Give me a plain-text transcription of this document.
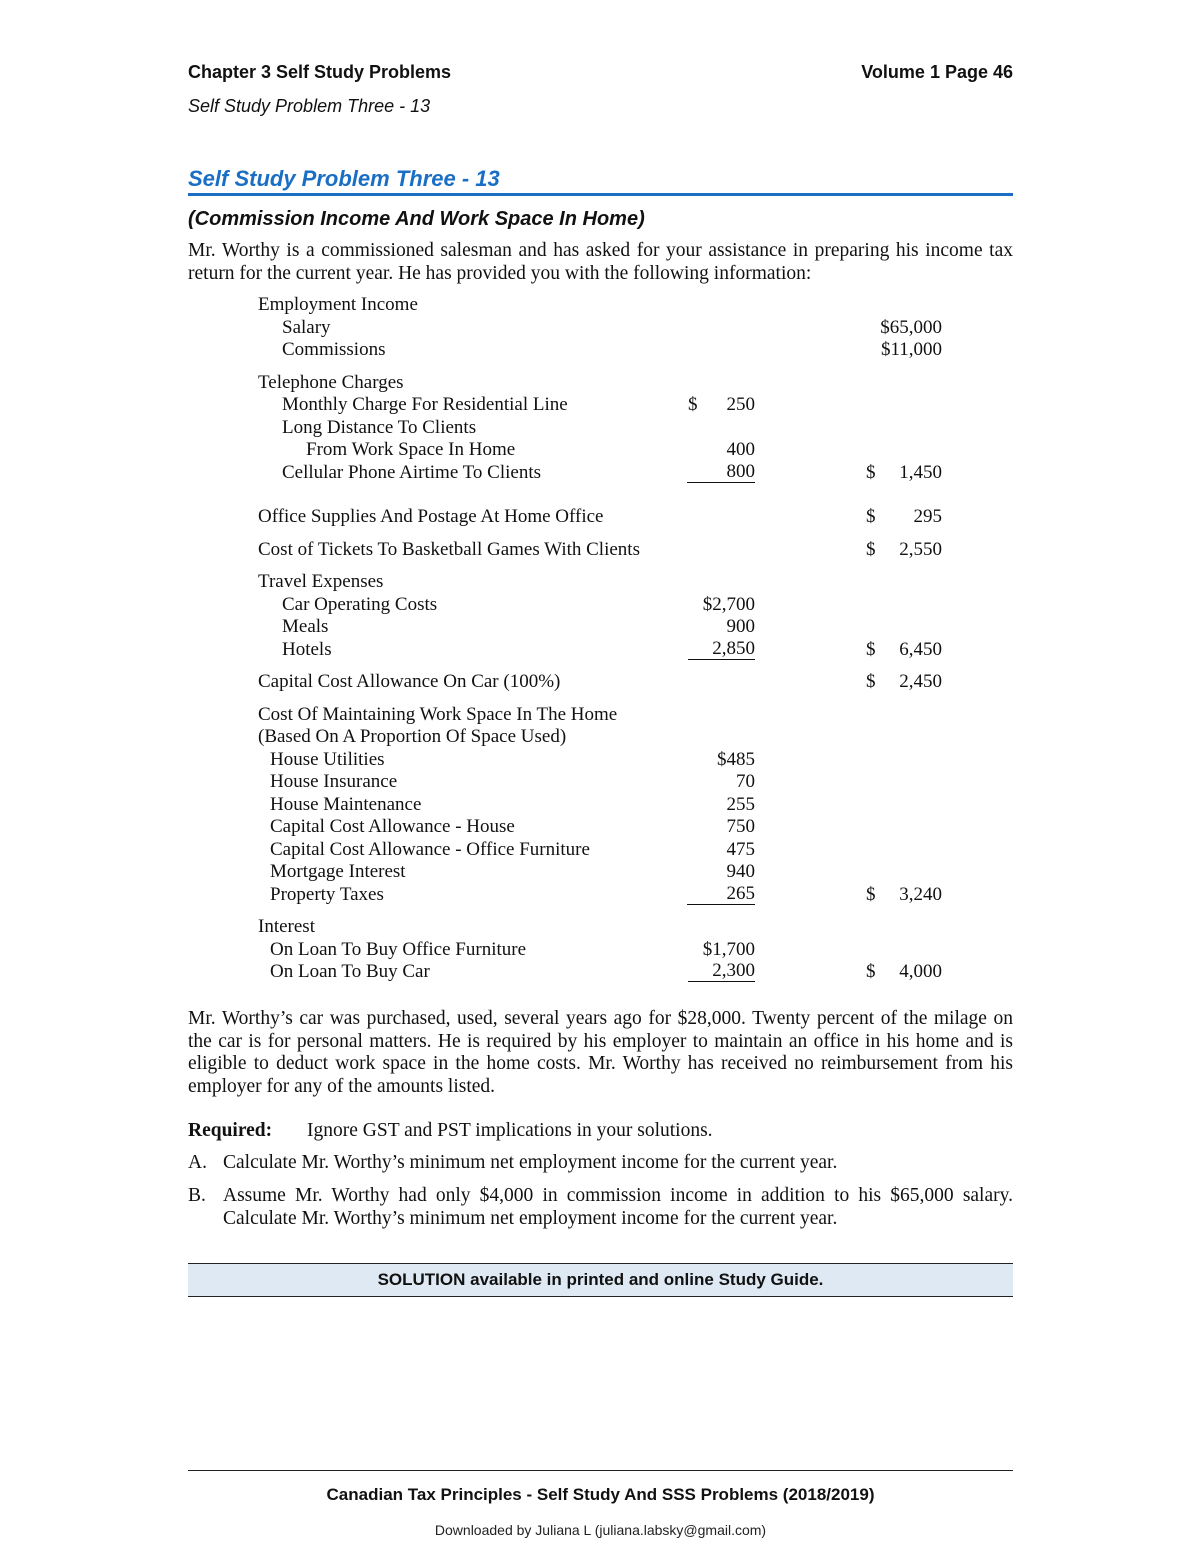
Chapter 3 Self Study Problems	Volume 1 Page 46
Self Study Problem Three - 13
Self Study Problem Three - 13
(Commission Income And Work Space In Home)
Mr. Worthy is a commissioned salesman and has asked for your assistance in preparing his income tax return for the current year. He has provided you with the following information:
Employment Income
Salary	$65,000
Commissions	$11,000
Telephone Charges
Monthly Charge For Residential Line	$ 250
Long Distance To Clients
From Work Space In Home	400
Cellular Phone Airtime To Clients	800	$ 1,450
Office Supplies And Postage At Home Office	$ 295
Cost of Tickets To Basketball Games With Clients	$ 2,550
Travel Expenses
Car Operating Costs	$2,700
Meals	900
Hotels	2,850	$ 6,450
Capital Cost Allowance On Car (100%)	$ 2,450
Cost Of Maintaining Work Space In The Home
(Based On A Proportion Of Space Used)
House Utilities	$485
House Insurance	70
House Maintenance	255
Capital Cost Allowance - House	750
Capital Cost Allowance - Office Furniture	475
Mortgage Interest	940
Property Taxes	265	$ 3,240
Interest
On Loan To Buy Office Furniture	$1,700
On Loan To Buy Car	2,300	$ 4,000
Mr. Worthy’s car was purchased, used, several years ago for $28,000. Twenty percent of the milage on the car is for personal matters. He is required by his employer to maintain an office in his home and is eligible to deduct work space in the home costs. Mr. Worthy has received no reimbursement from his employer for any of the amounts listed.
Required: Ignore GST and PST implications in your solutions.
A. Calculate Mr. Worthy’s minimum net employment income for the current year.
B. Assume Mr. Worthy had only $4,000 in commission income in addition to his $65,000 salary. Calculate Mr. Worthy’s minimum net employment income for the current year.
SOLUTION available in printed and online Study Guide.
Canadian Tax Principles - Self Study And SSS Problems (2018/2019)
Downloaded by Juliana L (juliana.labsky@gmail.com)
